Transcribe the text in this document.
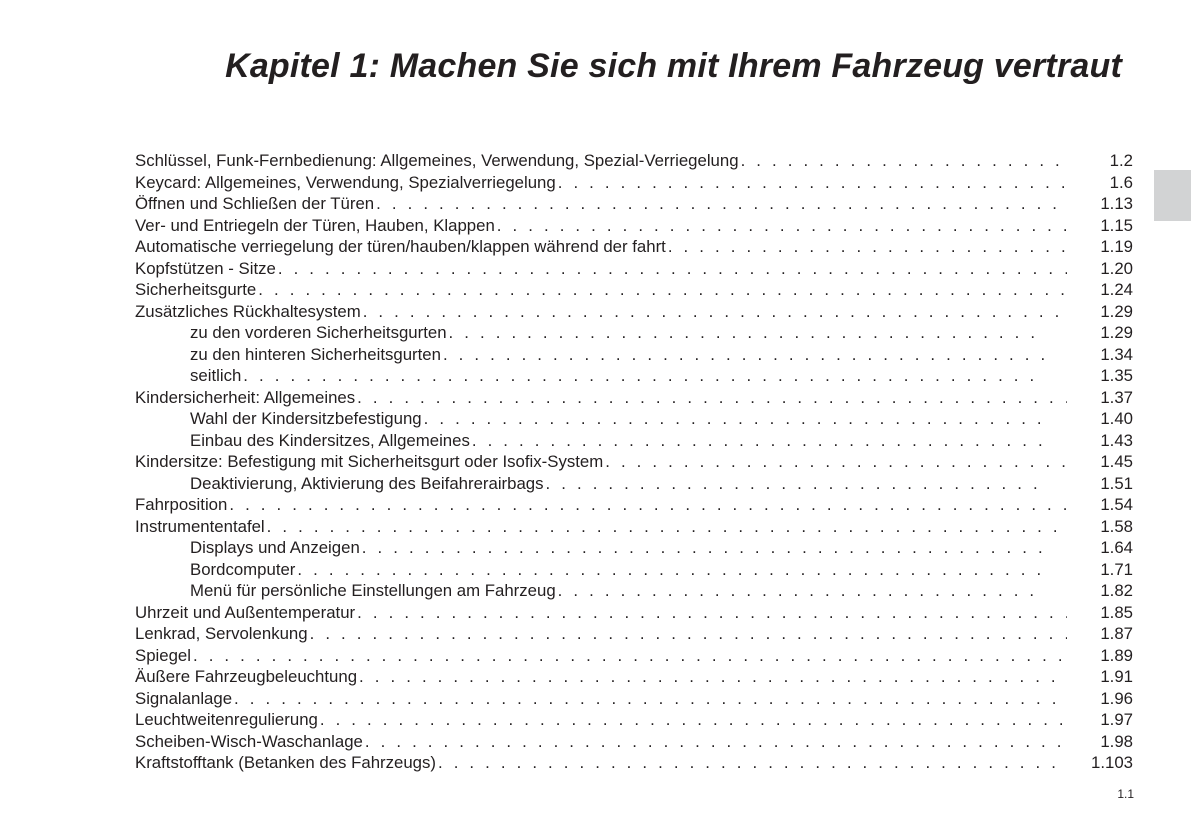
Kapitel 1: Machen Sie sich mit Ihrem Fahrzeug vertraut
Schlüssel, Funk-Fernbedienung: Allgemeines, Verwendung, Spezial-Verriegelung . . .	1.2
Keycard: Allgemeines, Verwendung, Spezialverriegelung . . .	1.6
Öffnen und Schließen der Türen . . .	1.13
Ver- und Entriegeln der Türen, Hauben, Klappen . . .	1.15
Automatische verriegelung der türen/hauben/klappen während der fahrt . . .	1.19
Kopfstützen - Sitze . . .	1.20
Sicherheitsgurte . . .	1.24
Zusätzliches Rückhaltesystem . . .	1.29
zu den vorderen Sicherheitsgurten . . .	1.29
zu den hinteren Sicherheitsgurten . . .	1.34
seitlich . . .	1.35
Kindersicherheit: Allgemeines . . .	1.37
Wahl der Kindersitzbefestigung . . .	1.40
Einbau des Kindersitzes, Allgemeines . . .	1.43
Kindersitze: Befestigung mit Sicherheitsgurt oder Isofix-System . . .	1.45
Deaktivierung, Aktivierung des Beifahrerairbags . . .	1.51
Fahrposition . . .	1.54
Instrumententafel . . .	1.58
Displays und Anzeigen . . .	1.64
Bordcomputer . . .	1.71
Menü für persönliche Einstellungen am Fahrzeug . . .	1.82
Uhrzeit und Außentemperatur . . .	1.85
Lenkrad, Servolenkung . . .	1.87
Spiegel . . .	1.89
Äußere Fahrzeugbeleuchtung . . .	1.91
Signalanlage . . .	1.96
Leuchtweitenregulierung . . .	1.97
Scheiben-Wisch-Waschanlage . . .	1.98
Kraftstofftank (Betanken des Fahrzeugs) . . .	1.103
1.1
